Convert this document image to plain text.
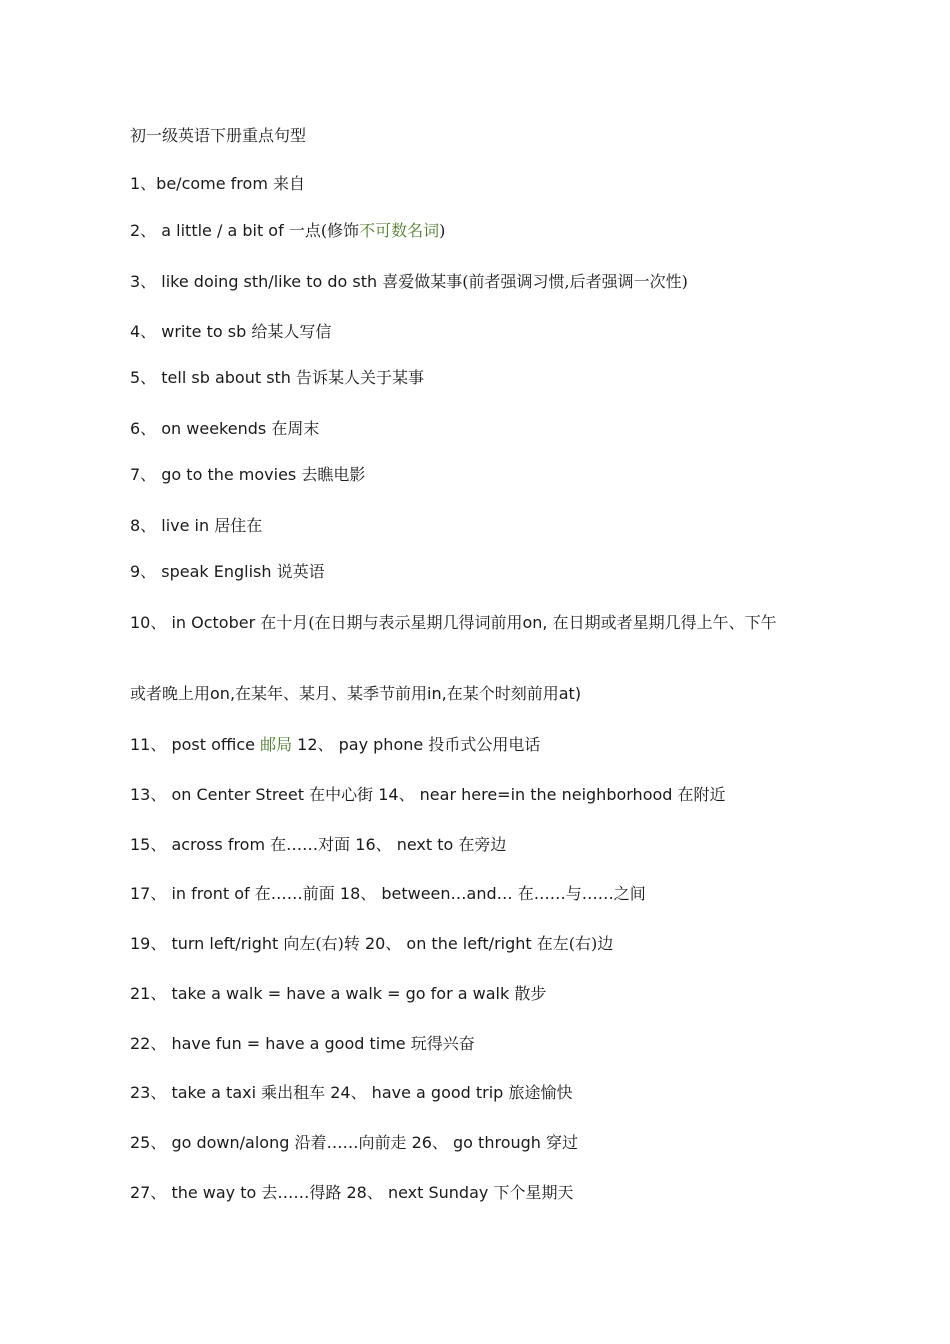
初一级英语下册重点句型
1、be/come from 来自
2、 a little / a bit of 一点(修饰不可数名词)
3、 like doing sth/like to do sth 喜爱做某事(前者强调习惯,后者强调一次性)
4、 write to sb 给某人写信
5、 tell sb about sth 告诉某人关于某事
6、 on weekends 在周末
7、 go to the movies 去瞧电影
8、 live in 居住在
9、 speak English 说英语
10、 in October 在十月(在日期与表示星期几得词前用on, 在日期或者星期几得上午、下午
或者晚上用on,在某年、某月、某季节前用in,在某个时刻前用at)
11、 post office 邮局 12、 pay phone 投币式公用电话
13、 on Center Street 在中心街 14、 near here=in the neighborhood 在附近
15、 across from 在……对面 16、 next to 在旁边
17、 in front of 在……前面 18、 between…and… 在……与……之间
19、 turn left/right 向左(右)转 20、 on the left/right 在左(右)边
21、 take a walk = have a walk = go for a walk 散步
22、 have fun = have a good time 玩得兴奋
23、 take a taxi 乘出租车 24、 have a good trip 旅途愉快
25、 go down/along 沿着……向前走 26、 go through 穿过
27、 the way to 去……得路 28、 next Sunday 下个星期天
